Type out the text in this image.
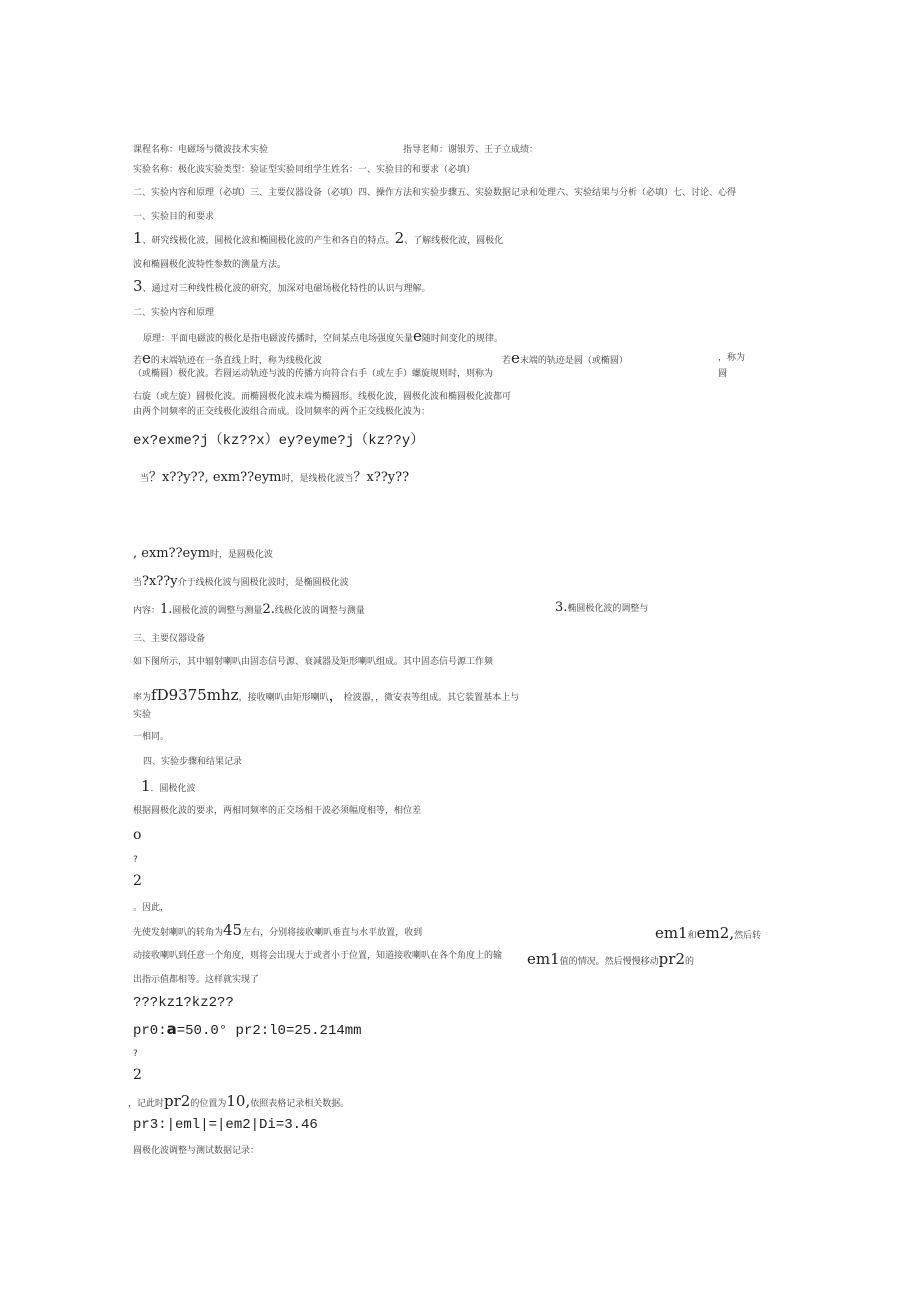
课程名称：电磁场与微波技术实验	指导老师：谢银芳、王子立成绩：
实验名称：极化波实验类型：验证型实验同组学生姓名：一、实验目的和要求（必填）
二、实验内容和原理（必填）三、主要仪器设备（必填）四、操作方法和实验步骤五、实验数据记录和处理六、实验结果与分析（必填）七、讨论、心得
一、实验目的和要求
1、研究线极化波，圆极化波和椭圆极化波的产生和各自的特点。2、了解线极化波，圆极化
波和椭圆极化波特性参数的测量方法。
3、通过对三种线性极化波的研究，加深对电磁场极化特性的认识与理解。
二、实验内容和原理
原理：平面电磁波的极化是指电磁波传播时，空间某点电场强度矢量e随时间变化的规律。
若e的末端轨迹在一条直线上时，称为线极化波	若e末端的轨迹是圆（或椭圆）	，称为
（或椭圆）极化波。若圆运动轨迹与波的传播方向符合右手（或左手）螺旋规则时，则称为	圆
右旋（或左旋）圆极化波。而椭圆极化波末端为椭圆形。线极化波，圆极化波和椭圆极化波都可
由两个同频率的正交线极化波组合而成。设同频率的两个正交线极化波为：
ex?exme?j（kz??x）ey?eyme?j（kz??y）
当？x??y??, exm??eym时，是线极化波当？x??y??
, exm??eym时，是圆极化波
当?x??y介于线极化波与圆极化波时，是椭圆极化波
内容：1.圆极化波的调整与测量2.线极化波的调整与测量	3.椭圆极化波的调整与
三、主要仪器设备
如下图所示，其中辐射喇叭由固态信号源、衰减器及矩形喇叭组成。其中固态信号源工作频
率为fD9375mhz，接收喇叭由矩形喇叭，检波器，，微安表等组成。其它装置基本上与
实验
一相同。
四、实验步骤和结果记录
1．圆极化波
根据圆极化波的要求，两相同频率的正交场相干波必须幅度相等，相位差
o
?
2
。因此，
先使发射喇叭的转角为45左右，分别将接收喇叭垂直与水平放置，收到	em1和em2,然后转
动接收喇叭到任意一个角度，则将会出现大于或者小于位置，知道接收喇叭在各个角度上的输 em1值的情况。然后慢慢移动pr2的
出指示值都相等。这样就实现了
???kz1?kz2??
pr0:a=50.0° pr2:l0=25.214mm
?
2
，记此时pr2的位置为10,依照表格记录相关数据。
pr3:|eml|=|em2|Di=3.46
圆极化波调整与测试数据记录：
